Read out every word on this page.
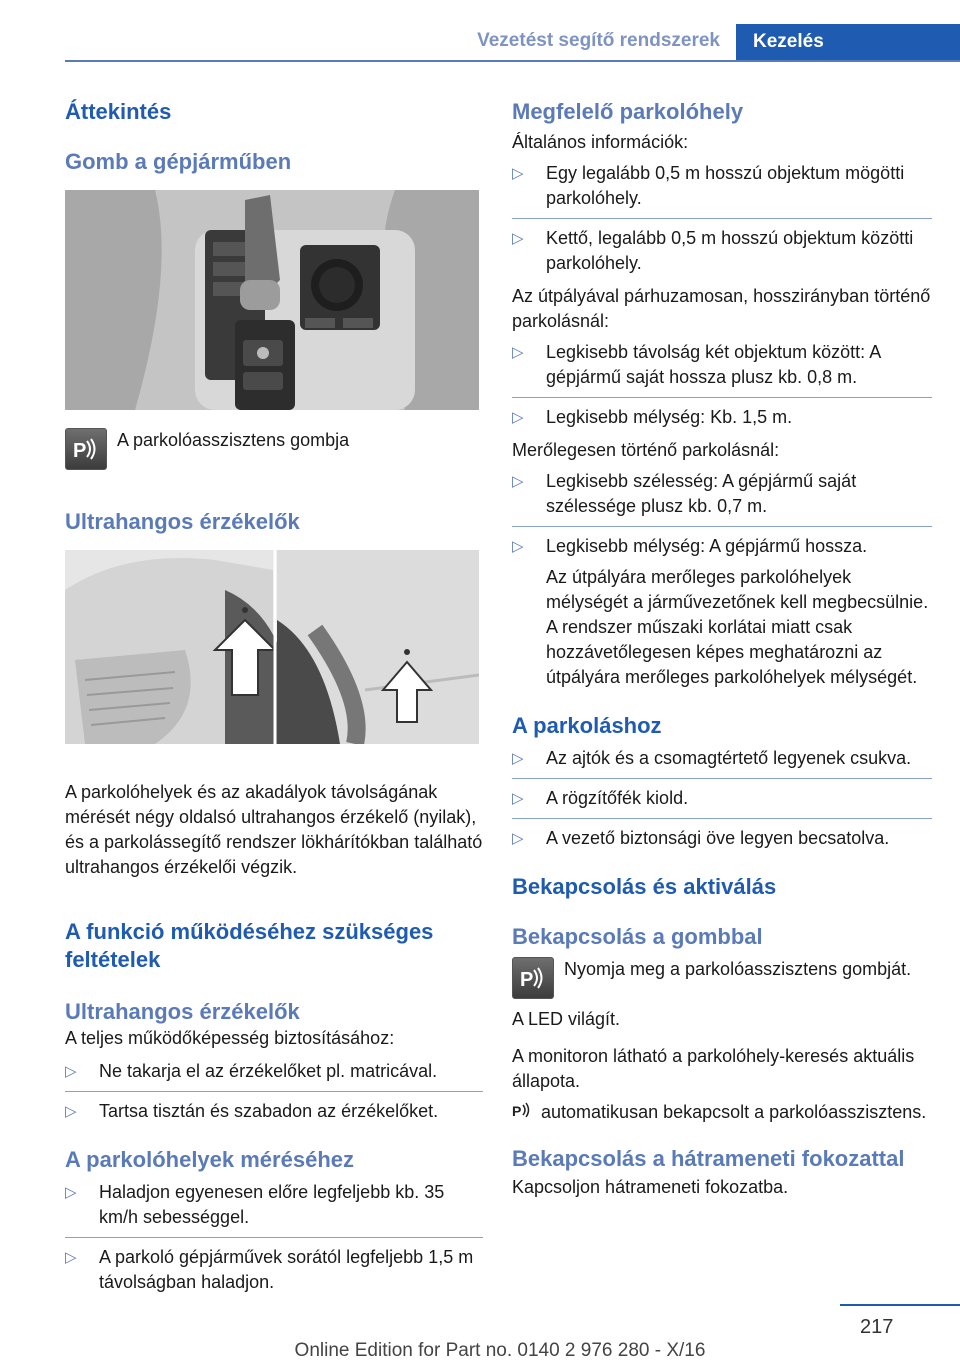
Vezetést segítő rendszerek	Kezelés
Áttekintés
Gomb a gépjárműben
P A parkolóasszisztens gombja
Ultrahangos érzékelők
A parkolóhelyek és az akadályok távolságának mérését négy oldalsó ultrahangos érzékelő (nyilak), és a parkolássegítő rendszer lökhárítókban található ultrahangos érzékelői végzik.
A funkció működéséhez szükséges feltételek
Ultrahangos érzékelők
A teljes működőképesség biztosításához:
▷ Ne takarja el az érzékelőket pl. matricával.
▷ Tartsa tisztán és szabadon az érzékelőket.
A parkolóhelyek méréséhez
▷ Haladjon egyenesen előre legfeljebb kb. 35 km/h sebességgel.
▷ A parkoló gépjárművek sorától legfeljebb 1,5 m távolságban haladjon.
Megfelelő parkolóhely
Általános információk:
▷ Egy legalább 0,5 m hosszú objektum mögötti parkolóhely.
▷ Kettő, legalább 0,5 m hosszú objektum közötti parkolóhely.
Az útpályával párhuzamosan, hosszirányban történő parkolásnál:
▷ Legkisebb távolság két objektum között: A gépjármű saját hossza plusz kb. 0,8 m.
▷ Legkisebb mélység: Kb. 1,5 m.
Merőlegesen történő parkolásnál:
▷ Legkisebb szélesség: A gépjármű saját szélessége plusz kb. 0,7 m.
▷ Legkisebb mélység: A gépjármű hossza.
Az útpályára merőleges parkolóhelyek mélységét a járművezetőnek kell megbecsülnie. A rendszer műszaki korlátai miatt csak hozzávetőlegesen képes meghatározni az útpályára merőleges parkolóhelyek mélységét.
A parkoláshoz
▷ Az ajtók és a csomagtértető legyenek csukva.
▷ A rögzítőfék kiold.
▷ A vezető biztonsági öve legyen becsatolva.
Bekapcsolás és aktiválás
Bekapcsolás a gombbal
P Nyomja meg a parkolóasszisztens gombját.
A LED világít.
A monitoron látható a parkolóhely-keresés aktuális állapota.
P automatikusan bekapcsolt a parkolóasszisztens.
Bekapcsolás a hátrameneti fokozattal
Kapcsoljon hátrameneti fokozatba.
217
Online Edition for Part no. 0140 2 976 280 - X/16
